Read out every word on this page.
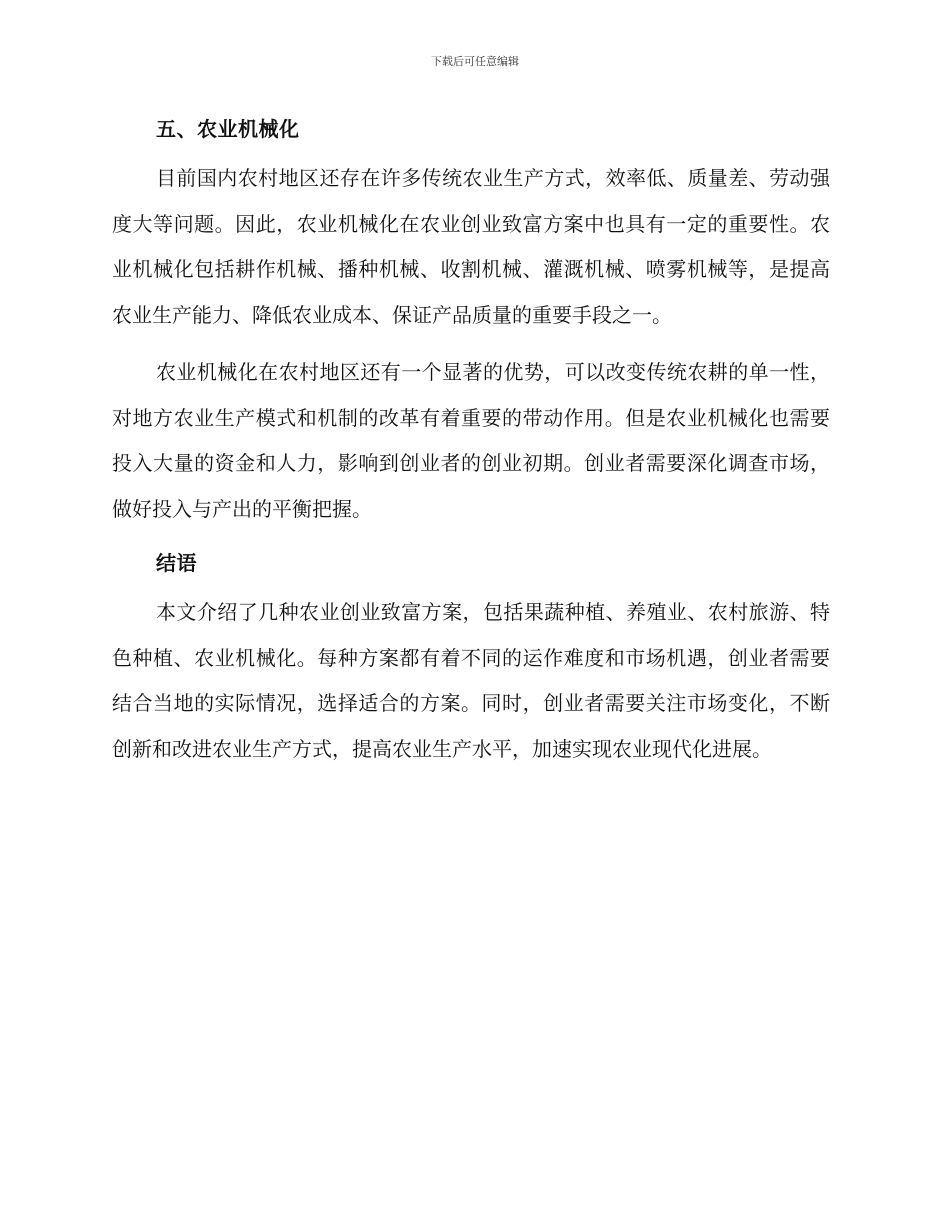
下载后可任意编辑
五、农业机械化

目前国内农村地区还存在许多传统农业生产方式，效率低、质量差、劳动强度大等问题。因此，农业机械化在农业创业致富方案中也具有一定的重要性。农业机械化包括耕作机械、播种机械、收割机械、灌溉机械、喷雾机械等，是提高农业生产能力、降低农业成本、保证产品质量的重要手段之一。

农业机械化在农村地区还有一个显著的优势，可以改变传统农耕的单一性，对地方农业生产模式和机制的改革有着重要的带动作用。但是农业机械化也需要投入大量的资金和人力，影响到创业者的创业初期。创业者需要深化调查市场，做好投入与产出的平衡把握。

结语

本文介绍了几种农业创业致富方案，包括果蔬种植、养殖业、农村旅游、特色种植、农业机械化。每种方案都有着不同的运作难度和市场机遇，创业者需要结合当地的实际情况，选择适合的方案。同时，创业者需要关注市场变化，不断创新和改进农业生产方式，提高农业生产水平，加速实现农业现代化进展。
